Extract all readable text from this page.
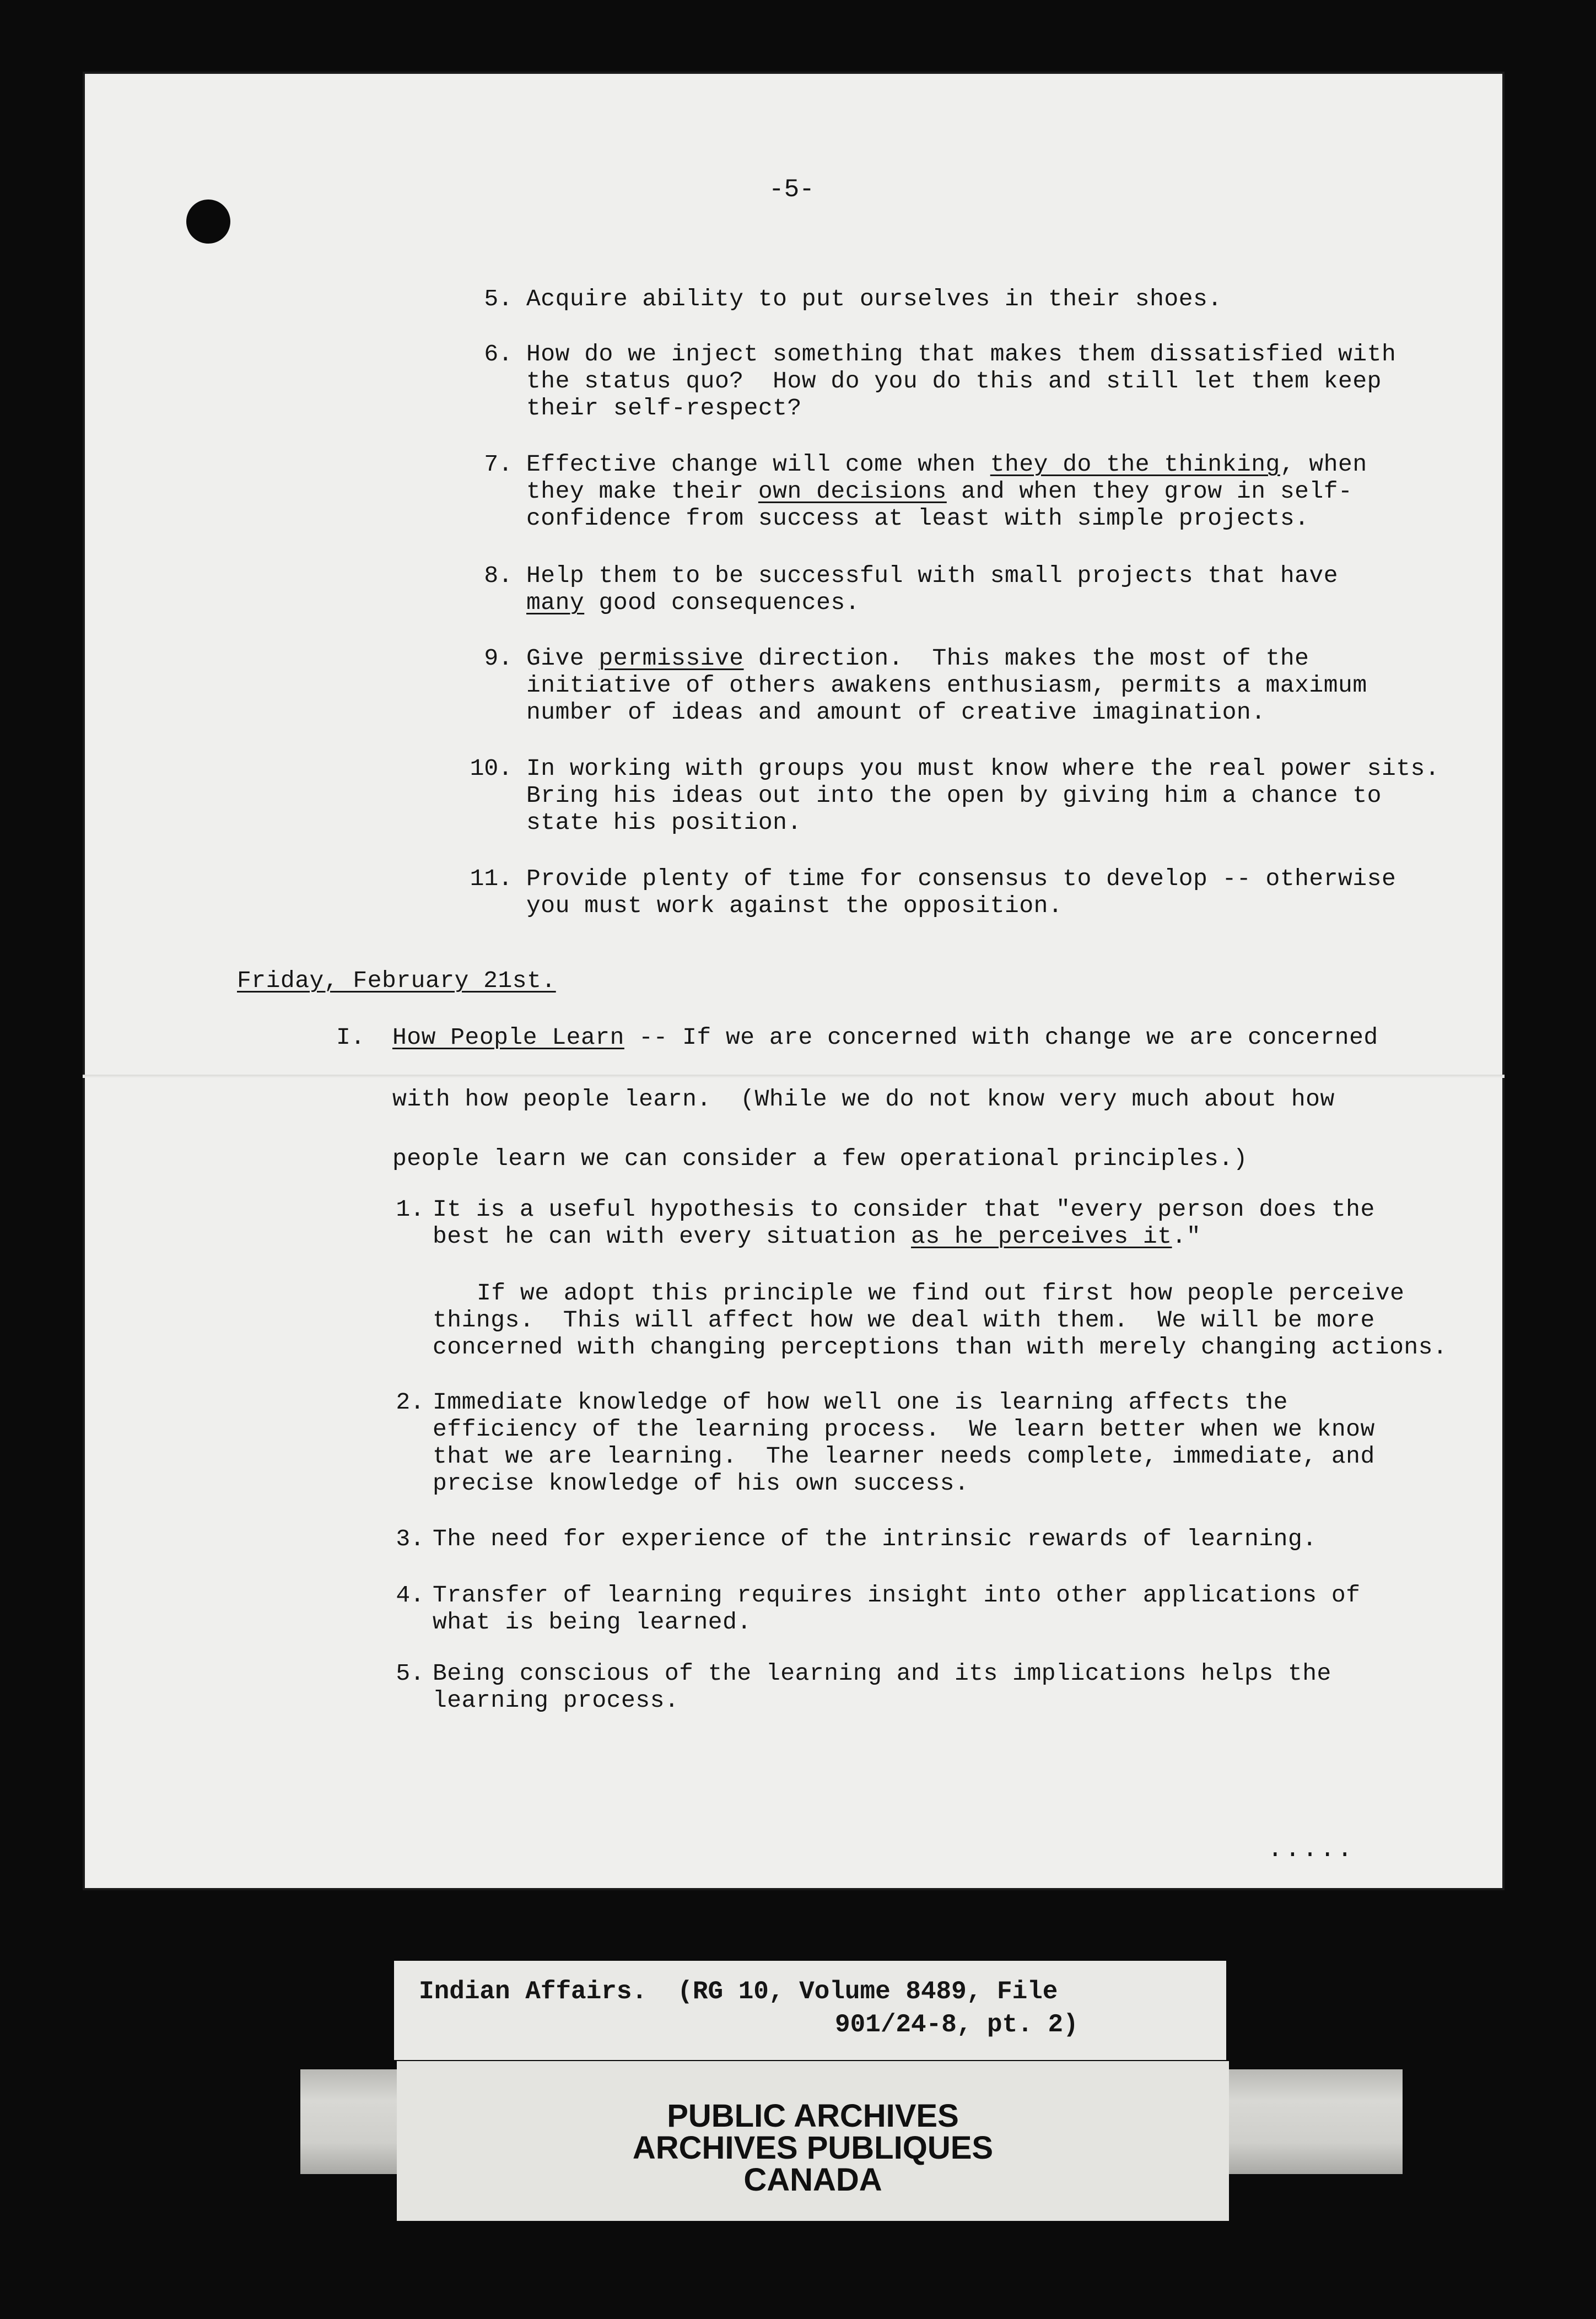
-5-
5. Acquire ability to put ourselves in their shoes.
6. How do we inject something that makes them dissatisfied with
the status quo?  How do you do this and still let them keep
their self-respect?
7. Effective change will come when they do the thinking, when
they make their own decisions and when they grow in self-
confidence from success at least with simple projects.
8. Help them to be successful with small projects that have
many good consequences.
9. Give permissive direction.  This makes the most of the
initiative of others awakens enthusiasm, permits a maximum
number of ideas and amount of creative imagination.
10. In working with groups you must know where the real power sits.
Bring his ideas out into the open by giving him a chance to
state his position.
11. Provide plenty of time for consensus to develop -- otherwise
you must work against the opposition.
Friday, February 21st.
I. How People Learn -- If we are concerned with change we are concerned
with how people learn.  (While we do not know very much about how
people learn we can consider a few operational principles.)
1. It is a useful hypothesis to consider that "every person does the
best he can with every situation as he perceives it."
If we adopt this principle we find out first how people perceive
things.  This will affect how we deal with them.  We will be more
concerned with changing perceptions than with merely changing actions.
2. Immediate knowledge of how well one is learning affects the
efficiency of the learning process.  We learn better when we know
that we are learning.  The learner needs complete, immediate, and
precise knowledge of his own success.
3. The need for experience of the intrinsic rewards of learning.
4. Transfer of learning requires insight into other applications of
what is being learned.
5. Being conscious of the learning and its implications helps the
learning process.
.....
Indian Affairs.  (RG 10, Volume 8489, File
901/24-8, pt. 2)
PUBLIC ARCHIVES
ARCHIVES PUBLIQUES
CANADA
